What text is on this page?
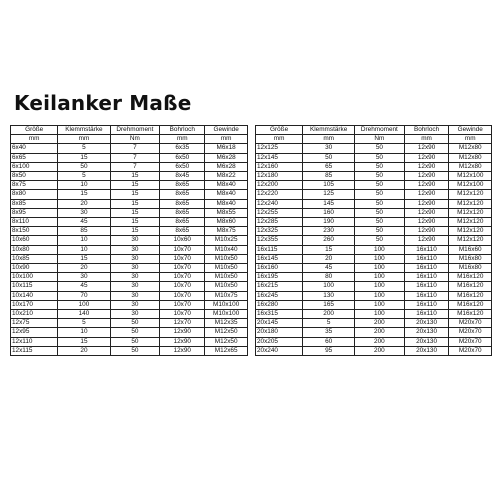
Keilanker Maße
Größe	Klemmstärke	Drehmoment	Bohrloch	Gewinde
mm	mm	Nm	mm	mm
6x40	5	7	6x35	M6x18
6x65	15	7	6x50	M6x28
6x100	50	7	6x50	M6x28
8x50	5	15	8x45	M8x22
8x75	10	15	8x65	M8x40
8x80	15	15	8x65	M8x40
8x85	20	15	8x65	M8x40
8x95	30	15	8x65	M8x55
8x110	45	15	8x65	M8x60
8x150	85	15	8x65	M8x75
10x60	10	30	10x60	M10x25
10x80	10	30	10x70	M10x40
10x85	15	30	10x70	M10x50
10x90	20	30	10x70	M10x50
10x100	30	30	10x70	M10x50
10x115	45	30	10x70	M10x50
10x140	70	30	10x70	M10x75
10x170	100	30	10x70	M10x100
10x210	140	30	10x70	M10x100
12x75	5	50	12x70	M12x35
12x95	10	50	12x90	M12x50
12x110	15	50	12x90	M12x50
12x115	20	50	12x90	M12x65
Größe	Klemmstärke	Drehmoment	Bohrloch	Gewinde
mm	mm	Nm	mm	mm
12x125	30	50	12x90	M12x80
12x145	50	50	12x90	M12x80
12x160	65	50	12x90	M12x80
12x180	85	50	12x90	M12x100
12x200	105	50	12x90	M12x100
12x220	125	50	12x90	M12x120
12x240	145	50	12x90	M12x120
12x255	160	50	12x90	M12x120
12x285	190	50	12x90	M12x120
12x325	230	50	12x90	M12x120
12x355	260	50	12x90	M12x120
16x115	15	100	16x110	M16x60
16x145	20	100	16x110	M16x80
16x160	45	100	16x110	M16x80
16x195	80	100	16x110	M16x120
16x215	100	100	16x110	M16x120
16x245	130	100	16x110	M16x120
16x280	165	100	16x110	M16x120
16x315	200	100	16x110	M16x120
20x145	5	200	20x130	M20x70
20x180	35	200	20x130	M20x70
20x205	60	200	20x130	M20x70
20x240	95	200	20x130	M20x70
